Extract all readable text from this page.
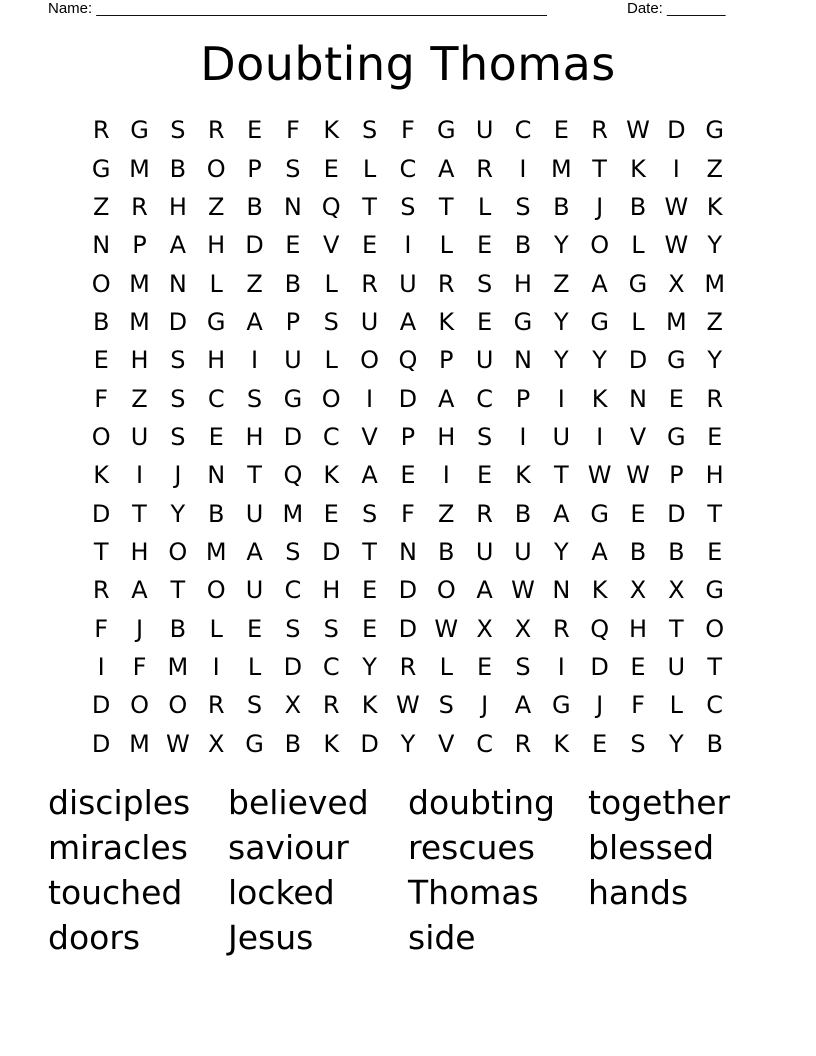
Name: ______________________________________________________	Date: _______
Doubting Thomas
R G S R E F K S F G U C E R W D G
G M B O P S E	L C A R	I	M T K	I	Z
Z R H Z B N Q T S T	L	S B	J	B W K
N P A H D E V E	I	L	E B Y O L W Y
O M N L Z B L R U R S H Z A G X M
B M D G A P S U A K E G Y G L M Z
E H S H	I	U L O Q P U N Y Y D G Y
F Z S C S G O	I	D A C P	I	K N E R
O U S E H D C V P H S	I	U	I	V G E
K	I	J	N T Q K A E	I	E K T W W P H
D T Y B U M E S F Z R B A G E D T
T H O M A S D T N B U U Y A B B E
R A T O U C H E D O A W N K X X G
F	J	B L	E S S E D W X X R Q H T O
I	F M	I	L D C Y R L	E S	I	D E U T
D O O R S X R K W S	J	A G	J	F	L C
D M W X G B K D Y V C R K E S Y B
disciples	believed	doubting	together
miracles	saviour	rescues	blessed
touched	locked	Thomas	hands
doors	Jesus	side
